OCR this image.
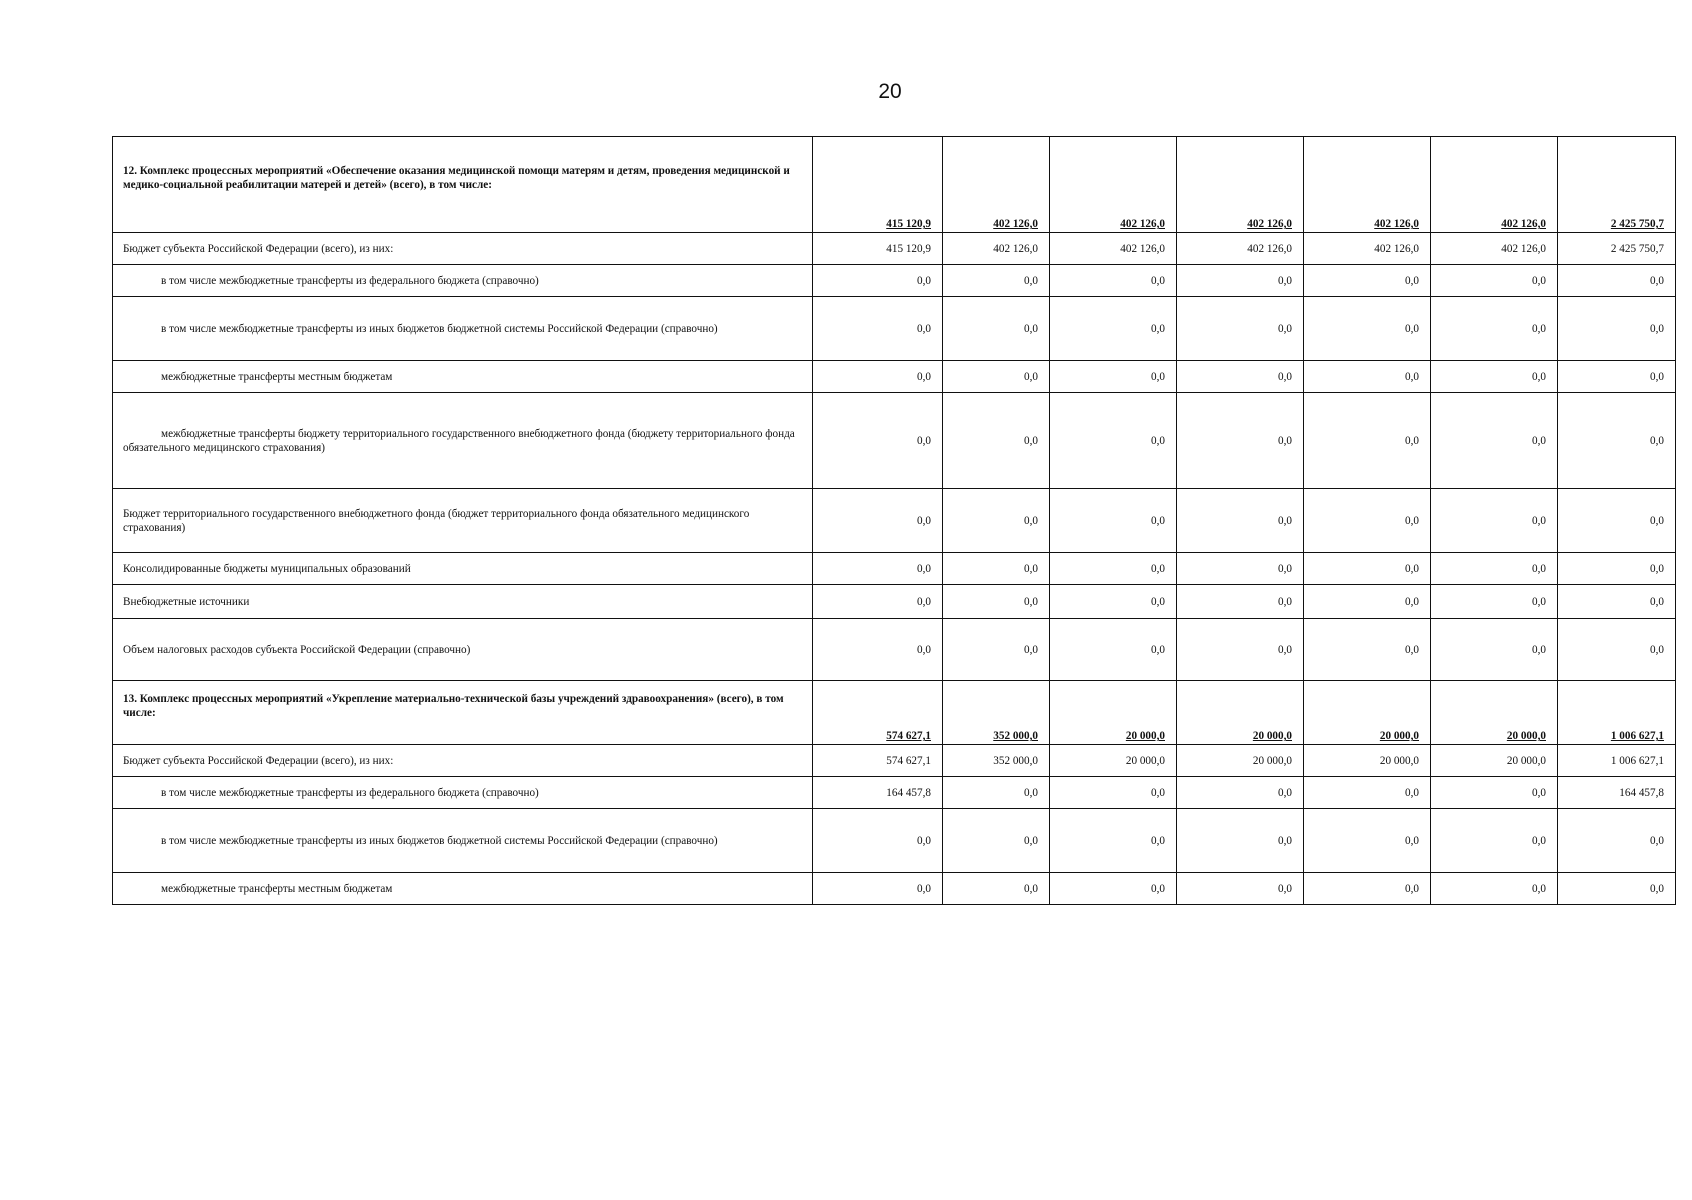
20
12. Комплекс процессных мероприятий «Обеспечение оказания медицинской помощи матерям и детям, проведения медицинской и медико-социальной реабилитации матерей и детей» (всего), в том числе:	415 120,9	402 126,0	402 126,0	402 126,0	402 126,0	402 126,0	2 425 750,7
Бюджет субъекта Российской Федерации (всего), из них:	415 120,9	402 126,0	402 126,0	402 126,0	402 126,0	402 126,0	2 425 750,7
в том числе межбюджетные трансферты из федерального бюджета (справочно)	0,0	0,0	0,0	0,0	0,0	0,0	0,0
в том числе межбюджетные трансферты из иных бюджетов бюджетной системы Российской Федерации (справочно)	0,0	0,0	0,0	0,0	0,0	0,0	0,0
межбюджетные трансферты местным бюджетам	0,0	0,0	0,0	0,0	0,0	0,0	0,0
межбюджетные трансферты бюджету территориального государственного внебюджетного фонда (бюджету территориального фонда обязательного медицинского страхования)	0,0	0,0	0,0	0,0	0,0	0,0	0,0
Бюджет территориального государственного внебюджетного фонда (бюджет территориального фонда обязательного медицинского страхования)	0,0	0,0	0,0	0,0	0,0	0,0	0,0
Консолидированные бюджеты муниципальных образований	0,0	0,0	0,0	0,0	0,0	0,0	0,0
Внебюджетные источники	0,0	0,0	0,0	0,0	0,0	0,0	0,0
Объем налоговых расходов субъекта Российской Федерации (справочно)	0,0	0,0	0,0	0,0	0,0	0,0	0,0
13. Комплекс процессных мероприятий «Укрепление материально-технической базы учреждений здравоохранения» (всего), в том числе:	574 627,1	352 000,0	20 000,0	20 000,0	20 000,0	20 000,0	1 006 627,1
Бюджет субъекта Российской Федерации (всего), из них:	574 627,1	352 000,0	20 000,0	20 000,0	20 000,0	20 000,0	1 006 627,1
в том числе межбюджетные трансферты из федерального бюджета (справочно)	164 457,8	0,0	0,0	0,0	0,0	0,0	164 457,8
в том числе межбюджетные трансферты из иных бюджетов бюджетной системы Российской Федерации (справочно)	0,0	0,0	0,0	0,0	0,0	0,0	0,0
межбюджетные трансферты местным бюджетам	0,0	0,0	0,0	0,0	0,0	0,0	0,0
